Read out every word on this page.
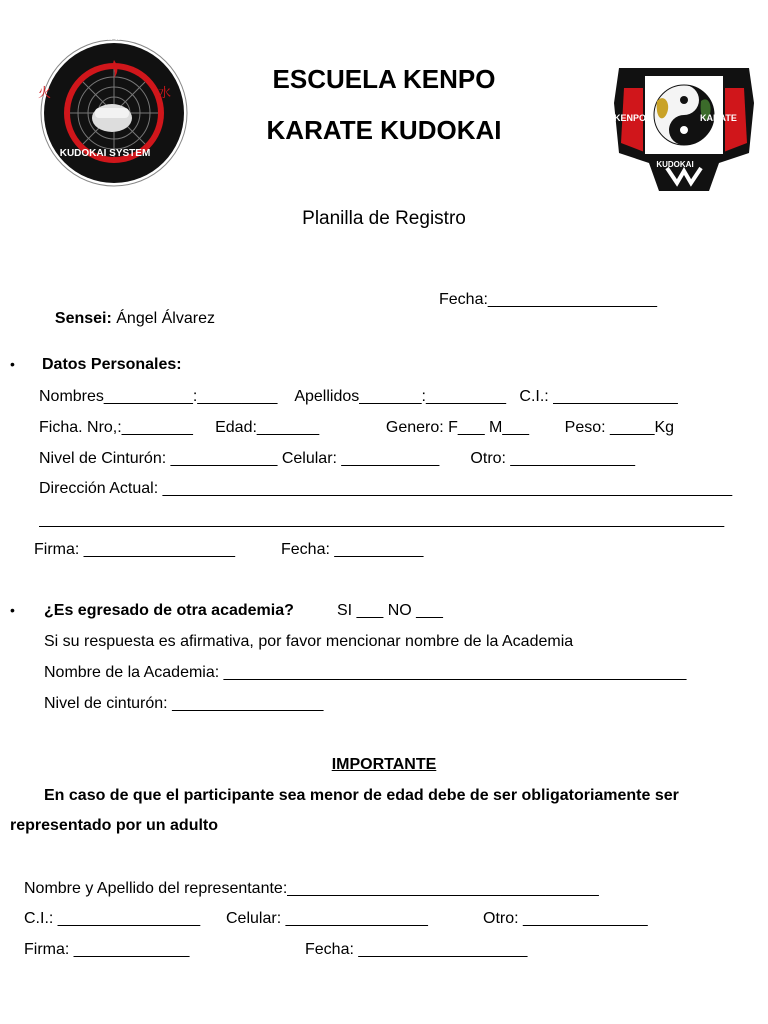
LEY FIT MARCIAL

KUDOKAI SYSTEM

火

	水

COHN

	LEE

KENPO

	KARATE

KUDOKAI

ESCUELA KENPO
KARATE KUDOKAI
Planilla de Registro

Sensei: Ángel Álvarez

Fecha:___________________
• Datos Personales:
Nombres__________:_________    Apellidos_______:_________   C.I.: ______________
Ficha. Nro,:________     Edad:_______               Genero: F___ M___        Peso: _____Kg
Nivel de Cinturón: ____________ Celular: ___________       Otro: ______________
Dirección Actual: ________________________________________________________________
_____________________________________________________________________________
Firma: _________________	Fecha: __________
• ¿Es egresado de otra academia?	SI ___ NO ___
Si su respuesta es afirmativa, por favor mencionar nombre de la Academia
Nombre de la Academia: ____________________________________________________
Nivel de cinturón: _________________
IMPORTANTE
En caso de que el participante sea menor de edad debe de ser obligatoriamente ser
representado por un adulto
Nombre y Apellido del representante:___________________________________
C.I.: ________________ Celular: ________________	Otro: ______________
Firma: _____________	Fecha: ___________________
